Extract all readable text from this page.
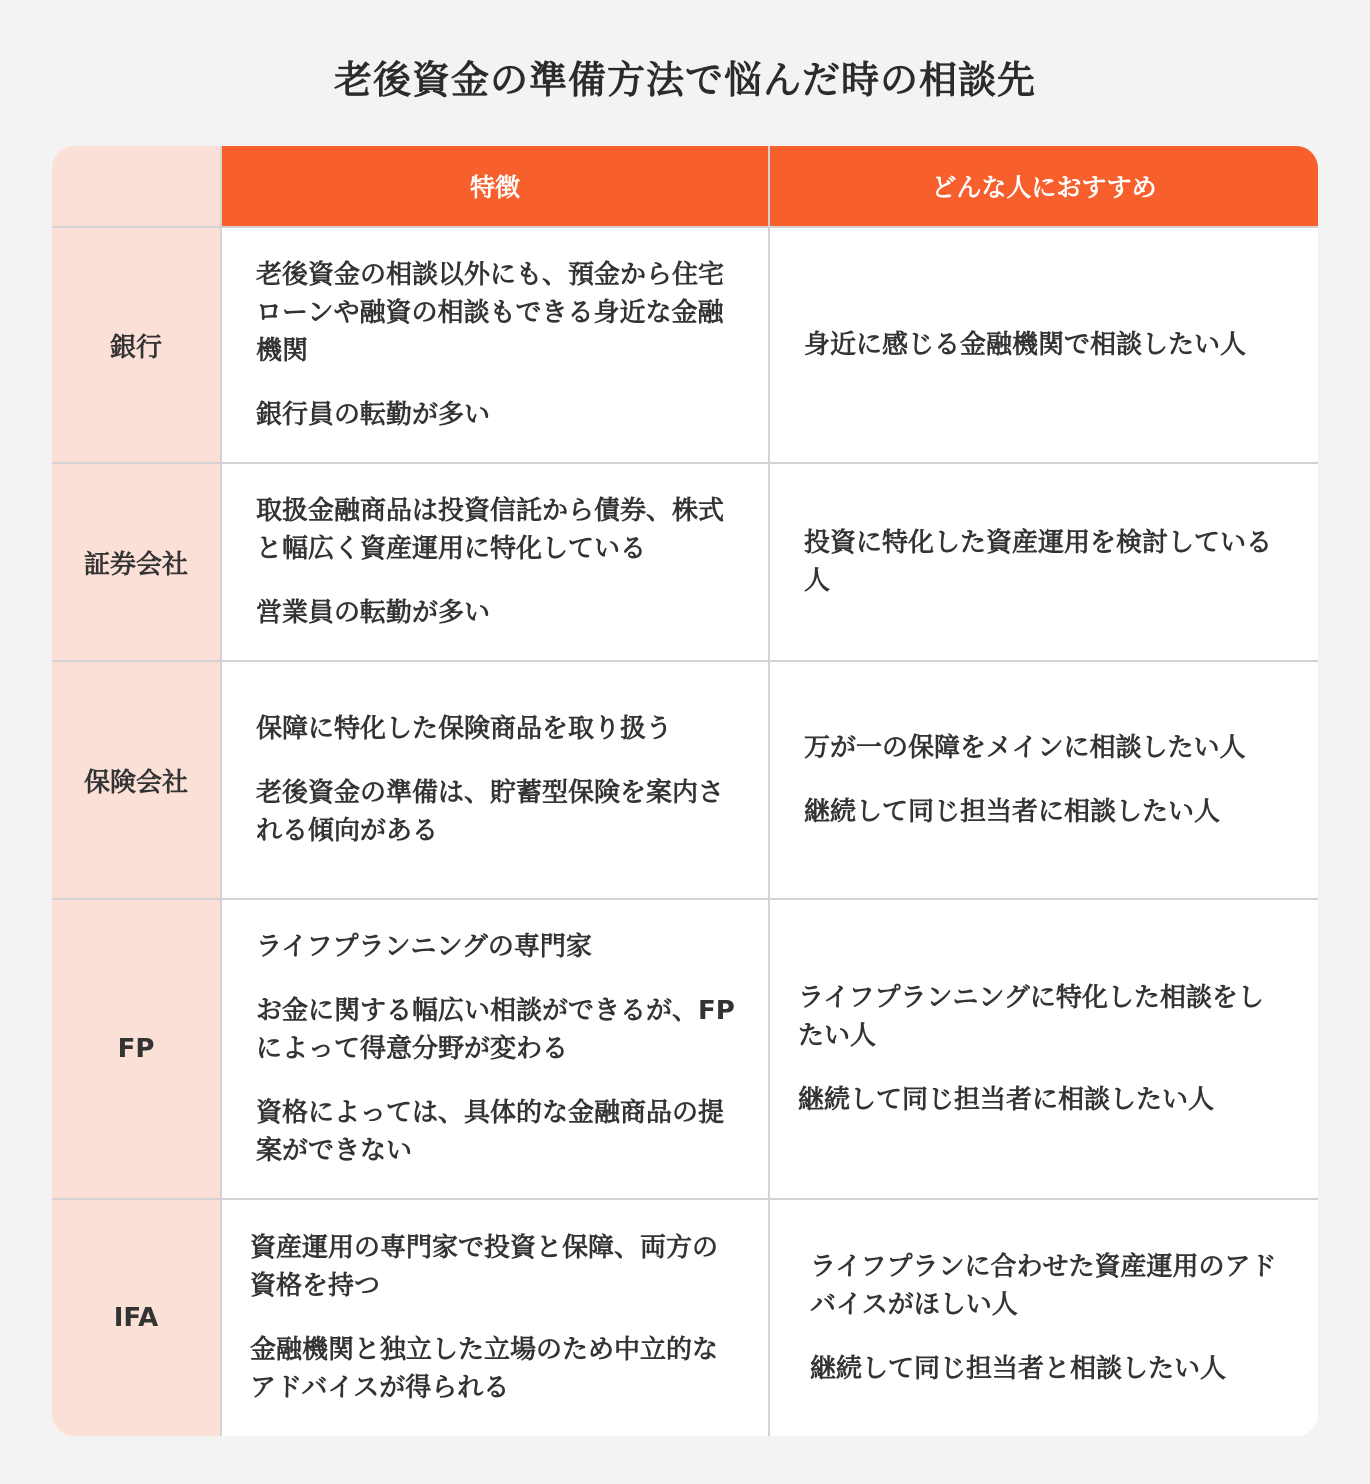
老後資金の準備方法で悩んだ時の相談先
特徴	どんな人におすすめ
銀行

老後資金の相談以外にも、預金から住宅ローンや融資の相談もできる身近な金融機関

銀行員の転勤が多い

身近に感じる金融機関で相談したい人

証券会社

取扱金融商品は投資信託から債券、株式と幅広く資産運用に特化している

営業員の転勤が多い

投資に特化した資産運用を検討している人

保険会社

保障に特化した保険商品を取り扱う

老後資金の準備は、貯蓄型保険を案内される傾向がある

万が一の保障をメインに相談したい人

継続して同じ担当者に相談したい人

FP

ライフプランニングの専門家

お金に関する幅広い相談ができるが、FPによって得意分野が変わる

資格によっては、具体的な金融商品の提案ができない

ライフプランニングに特化した相談をしたい人

継続して同じ担当者に相談したい人

IFA

資産運用の専門家で投資と保障、両方の資格を持つ

金融機関と独立した立場のため中立的なアドバイスが得られる

ライフプランに合わせた資産運用のアドバイスがほしい人

継続して同じ担当者と相談したい人
